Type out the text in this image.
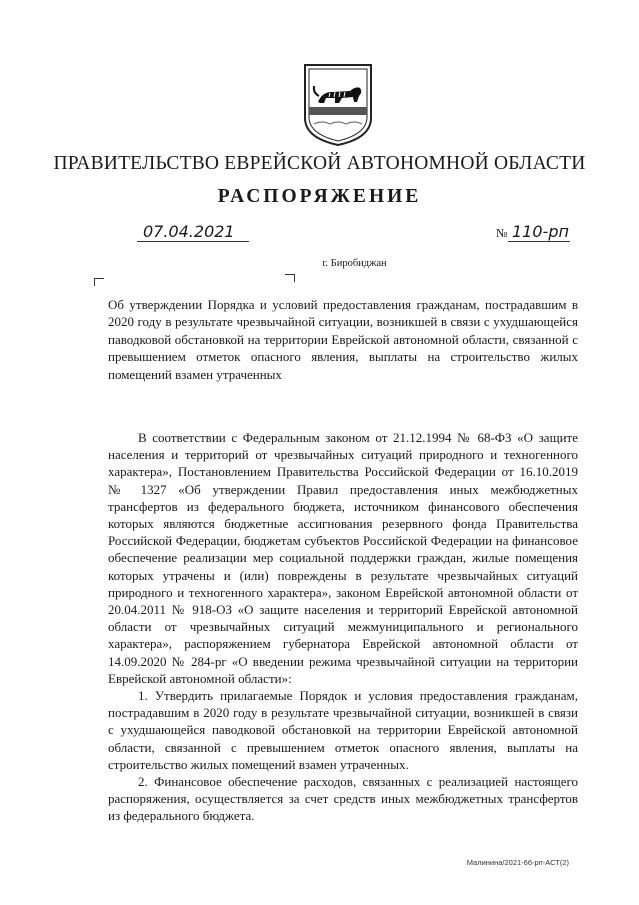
ПРАВИТЕЛЬСТВО ЕВРЕЙСКОЙ АВТОНОМНОЙ ОБЛАСТИ
РАСПОРЯЖЕНИЕ
07.04.2021	№ 110-рп
г. Биробиджан
Об утверждении Порядка и условий предоставления гражданам, пострадавшим в 2020 году в результате чрезвычайной ситуации, возникшей в связи с ухудшающейся паводковой обстановкой на территории Еврейской автономной области, связанной с превышением отметок опасного явления, выплаты на строительство жилых помещений взамен утраченных

В соответствии с Федеральным законом от 21.12.1994 № 68-ФЗ «О защите населения и территорий от чрезвычайных ситуаций природного и техногенного характера», Постановлением Правительства Российской Федерации от 16.10.2019 № 1327 «Об утверждении Правил предоставления иных межбюджетных трансфертов из федерального бюджета, источником финансового обеспечения которых являются бюджетные ассигнования резервного фонда Правительства Российской Федерации, бюджетам субъектов Российской Федерации на финансовое обеспечение реализации мер социальной поддержки граждан, жилые помещения которых утрачены и (или) повреждены в результате чрезвычайных ситуаций природного и техногенного характера», законом Еврейской автономной области от 20.04.2011 № 918-ОЗ «О защите населения и территорий Еврейской автономной области от чрезвычайных ситуаций межмуниципального и регионального характера», распоряжением губернатора Еврейской автономной области от 14.09.2020 № 284-рг «О введении режима чрезвычайной ситуации на территории Еврейской автономной области»:

1. Утвердить прилагаемые Порядок и условия предоставления гражданам, пострадавшим в 2020 году в результате чрезвычайной ситуации, возникшей в связи с ухудшающейся паводковой обстановкой на территории Еврейской автономной области, связанной с превышением отметок опасного явления, выплаты на строительство жилых помещений взамен утраченных.

2. Финансовое обеспечение расходов, связанных с реализацией настоящего распоряжения, осуществляется за счет средств иных межбюджетных трансфертов из федерального бюджета.

Малинина/2021-66-рп-АСТ(2)
